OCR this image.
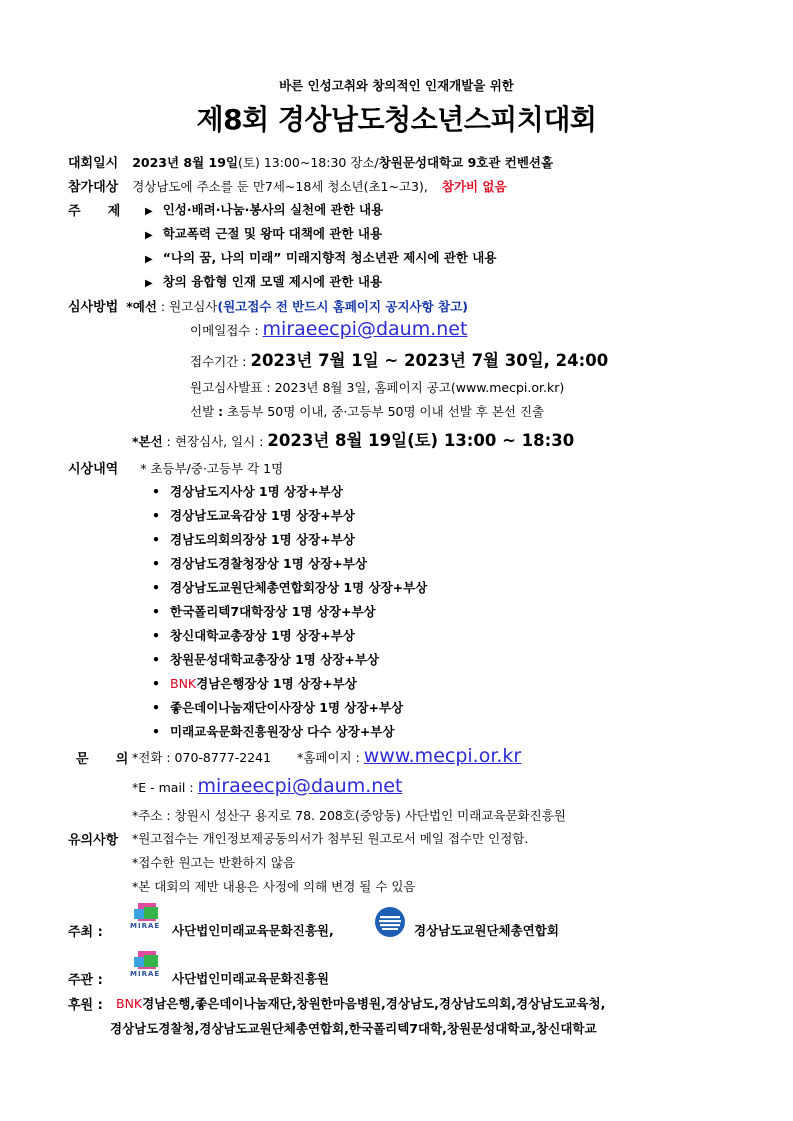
바른 인성고취와 창의적인 인재개발을 위한
제8회 경상남도청소년스피치대회
대회일시 2023년 8월 19일(토) 13:00~18:30 장소/창원문성대학교 9호관 컨벤션홀
참가대상 경상남도에 주소를 둔 만7세~18세 청소년(초1~고3), 참가비 없음
주      제 ▶ 인성·배려·나눔·봉사의 실천에 관한 내용
▶ 학교폭력 근절 및 왕따 대책에 관한 내용
▶ “나의 꿈, 나의 미래” 미래지향적 청소년관 제시에 관한 내용
▶ 창의 융합형 인재 모델 제시에 관한 내용
심사방법 *예선 : 원고심사(원고접수 전 반드시 홈페이지 공지사항 참고)
이메일접수 : miraeecpi@daum.net
접수기간 : 2023년 7월 1일 ~ 2023년 7월 30일, 24:00
원고심사발표 : 2023년 8월 3일, 홈페이지 공고(www.mecpi.or.kr)
선발 : 초등부 50명 이내, 중·고등부 50명 이내 선발 후 본선 진출
*본선 : 현장심사, 일시 : 2023년 8월 19일(토) 13:00 ~ 18:30
시상내역 * 초등부/중·고등부 각 1명
• 경상남도지사상 1명 상장+부상
• 경상남도교육감상 1명 상장+부상
• 경남도의회의장상 1명 상장+부상
• 경상남도경찰청장상 1명 상장+부상
• 경상남도교원단체총연합회장상 1명 상장+부상
• 한국폴리텍7대학장상 1명 상장+부상
• 창신대학교총장상 1명 상장+부상
• 창원문성대학교총장상 1명 상장+부상
• BNK경남은행장상 1명 상장+부상
• 좋은데이나눔재단이사장상 1명 상장+부상
• 미래교육문화진흥원장상 다수 상장+부상
문      의 *전화 : 070-8777-2241 *홈페이지 : www.mecpi.or.kr
*E - mail : miraeecpi@daum.net
*주소 : 창원시 성산구 용지로 78. 208호(중앙동) 사단법인 미래교육문화진흥원
유의사항 *원고접수는 개인정보제공동의서가 첨부된 원고로서 메일 접수만 인정함.
*접수한 원고는 반환하지 않음
*본 대회의 제반 내용은 사정에 의해 변경 될 수 있음
주최 :	MIRAE 사단법인미래교육문화진흥원,	경상남도교원단체총연합회
주관 :	MIRAE 사단법인미래교육문화진흥원
후원 : BNK경남은행,좋은데이나눔재단,창원한마음병원,경상남도,경상남도의회,경상남도교육청,
경상남도경찰청,경상남도교원단체총연합회,한국폴리텍7대학,창원문성대학교,창신대학교
